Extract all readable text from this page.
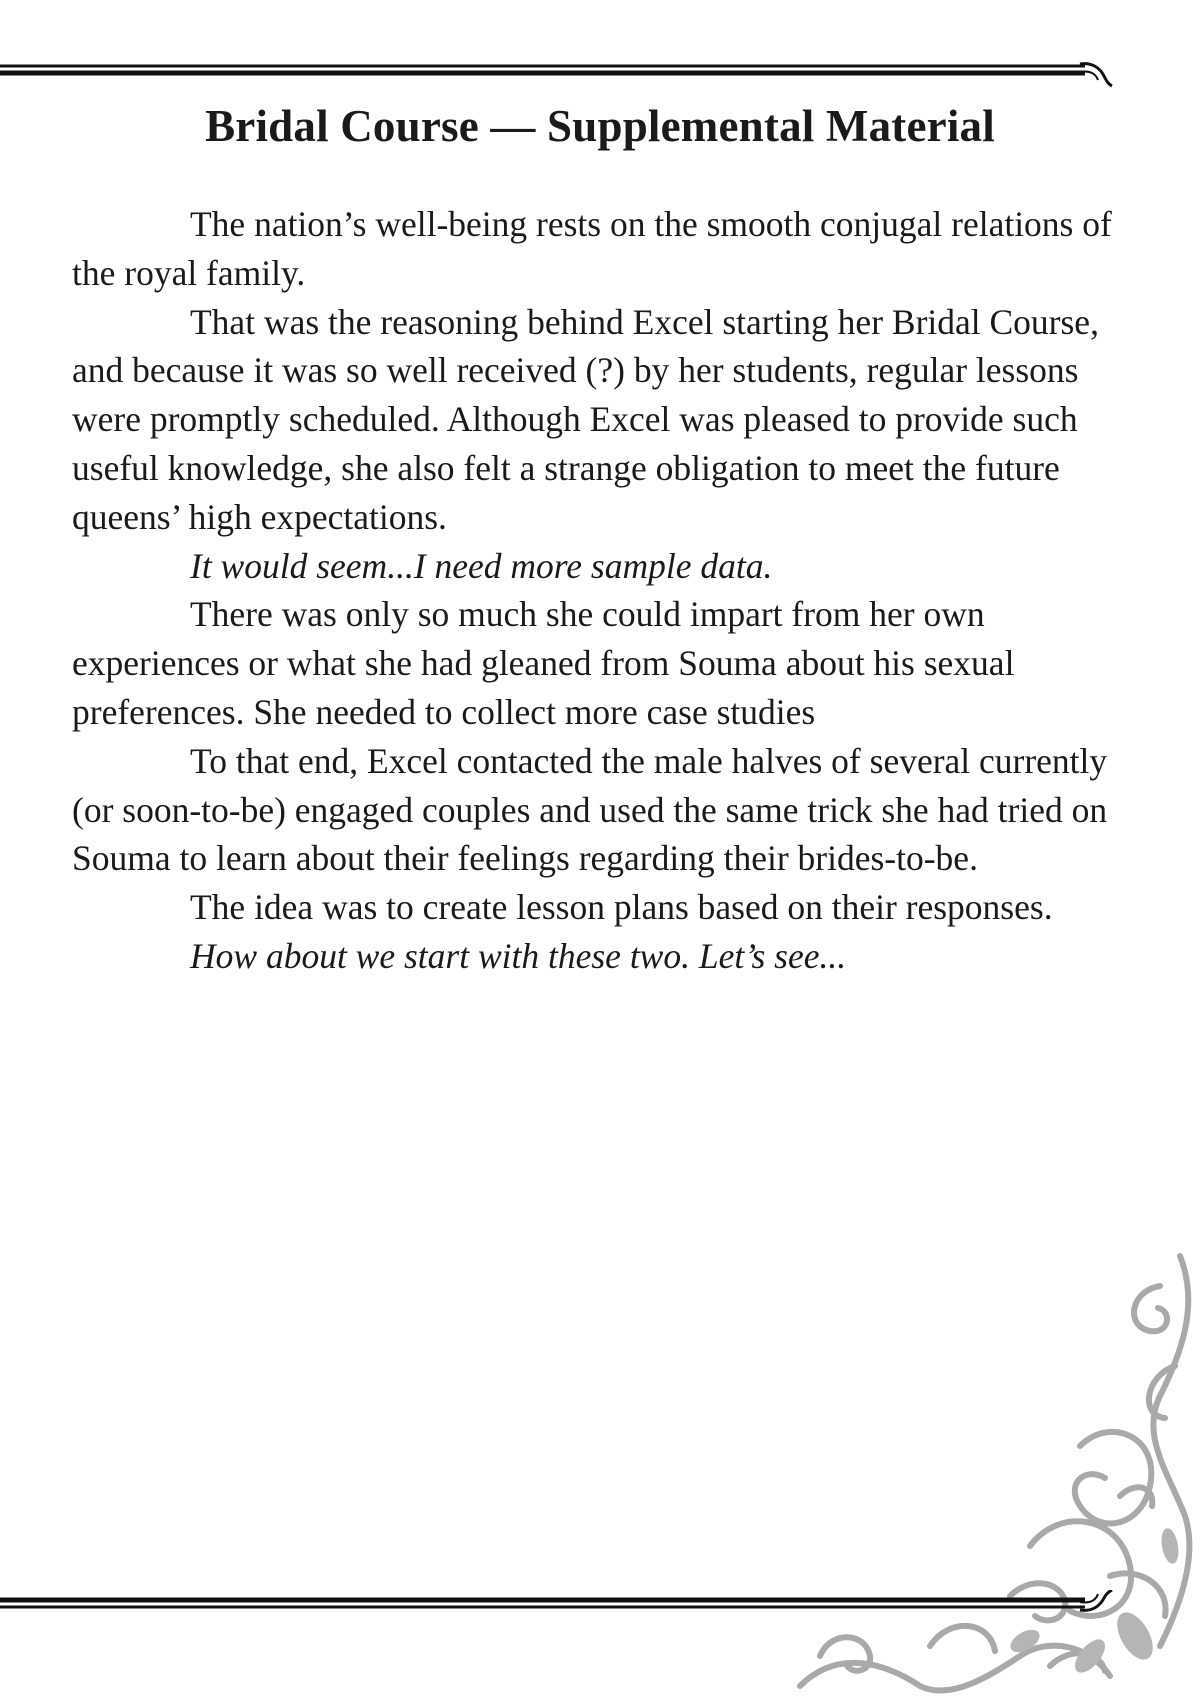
Bridal Course — Supplemental Material

The nation’s well-being rests on the smooth conjugal relations of the royal family.

That was the reasoning behind Excel starting her Bridal Course, and because it was so well received (?) by her students, regular lessons were promptly scheduled. Although Excel was pleased to provide such useful knowledge, she also felt a strange obligation to meet the future queens’ high expectations.

It would seem...I need more sample data.

There was only so much she could impart from her own experiences or what she had gleaned from Souma about his sexual preferences. She needed to collect more case studies

To that end, Excel contacted the male halves of several currently (or soon-to-be) engaged couples and used the same trick she had tried on Souma to learn about their feelings regarding their brides-to-be.

The idea was to create lesson plans based on their responses.

How about we start with these two. Let’s see...
